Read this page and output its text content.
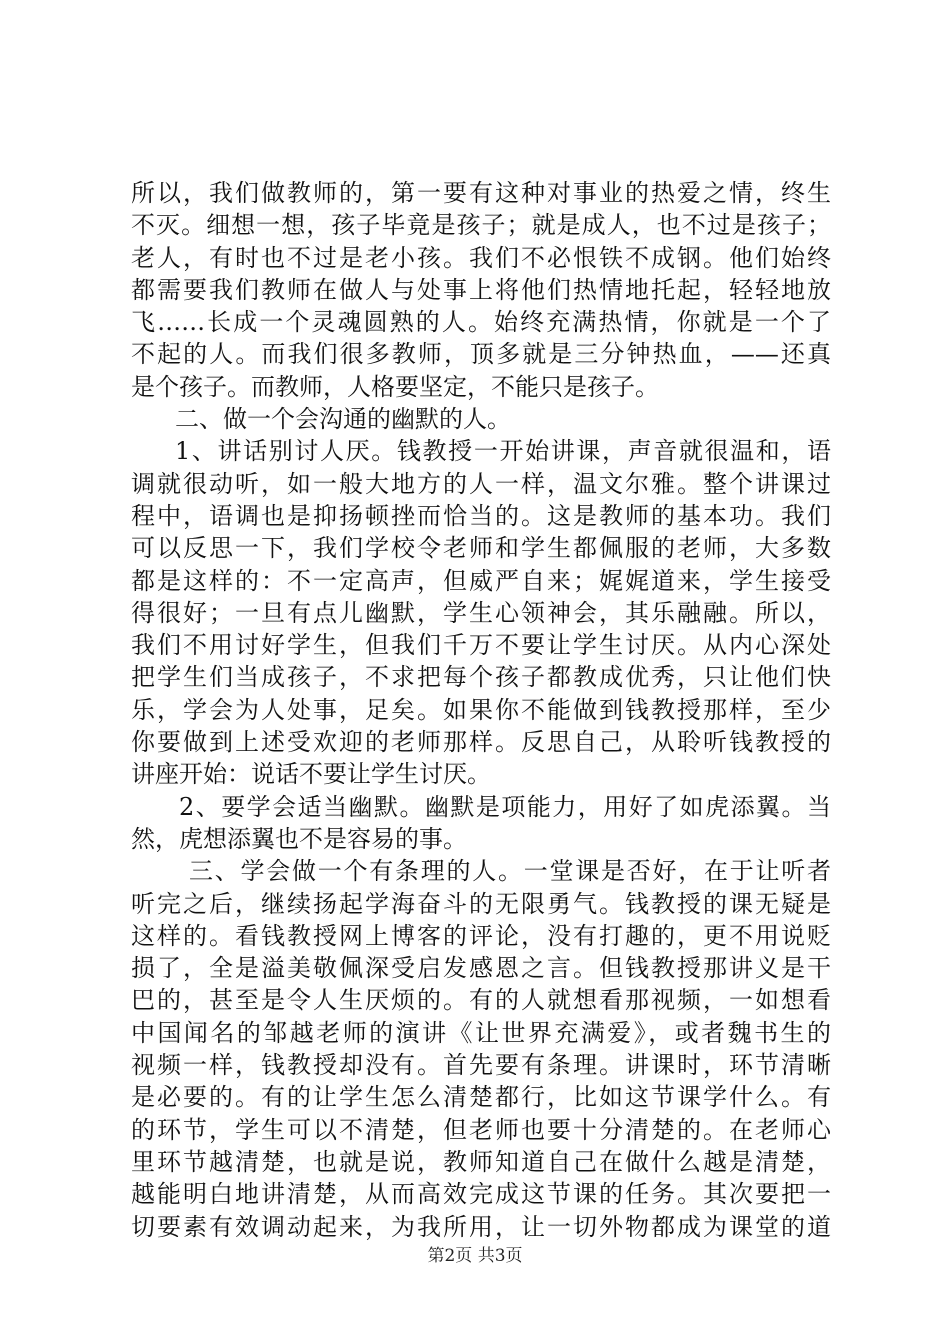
所以，我们做教师的，第一要有这种对事业的热爱之情，终生
不灭。细想一想，孩子毕竟是孩子；就是成人，也不过是孩子；
老人，有时也不过是老小孩。我们不必恨铁不成钢。他们始终
都需要我们教师在做人与处事上将他们热情地托起，轻轻地放
飞……长成一个灵魂圆熟的人。始终充满热情，你就是一个了
不起的人。而我们很多教师，顶多就是三分钟热血，——还真
是个孩子。而教师，人格要坚定，不能只是孩子。
二、做一个会沟通的幽默的人。
1、讲话别讨人厌。钱教授一开始讲课，声音就很温和，语
调就很动听，如一般大地方的人一样，温文尔雅。整个讲课过
程中，语调也是抑扬顿挫而恰当的。这是教师的基本功。我们
可以反思一下，我们学校令老师和学生都佩服的老师，大多数
都是这样的：不一定高声，但威严自来；娓娓道来，学生接受
得很好；一旦有点儿幽默，学生心领神会，其乐融融。所以，
我们不用讨好学生，但我们千万不要让学生讨厌。从内心深处
把学生们当成孩子，不求把每个孩子都教成优秀，只让他们快
乐，学会为人处事，足矣。如果你不能做到钱教授那样，至少
你要做到上述受欢迎的老师那样。反思自己，从聆听钱教授的
讲座开始：说话不要让学生讨厌。
2、要学会适当幽默。幽默是项能力，用好了如虎添翼。当
然，虎想添翼也不是容易的事。
三、学会做一个有条理的人。一堂课是否好，在于让听者
听完之后，继续扬起学海奋斗的无限勇气。钱教授的课无疑是
这样的。看钱教授网上博客的评论，没有打趣的，更不用说贬
损了，全是溢美敬佩深受启发感恩之言。但钱教授那讲义是干
巴的，甚至是令人生厌烦的。有的人就想看那视频，一如想看
中国闻名的邹越老师的演讲《让世界充满爱》，或者魏书生的
视频一样，钱教授却没有。首先要有条理。讲课时，环节清晰
是必要的。有的让学生怎么清楚都行，比如这节课学什么。有
的环节，学生可以不清楚，但老师也要十分清楚的。在老师心
里环节越清楚，也就是说，教师知道自己在做什么越是清楚，
越能明白地讲清楚，从而高效完成这节课的任务。其次要把一
切要素有效调动起来，为我所用，让一切外物都成为课堂的道
第2页 共3页
